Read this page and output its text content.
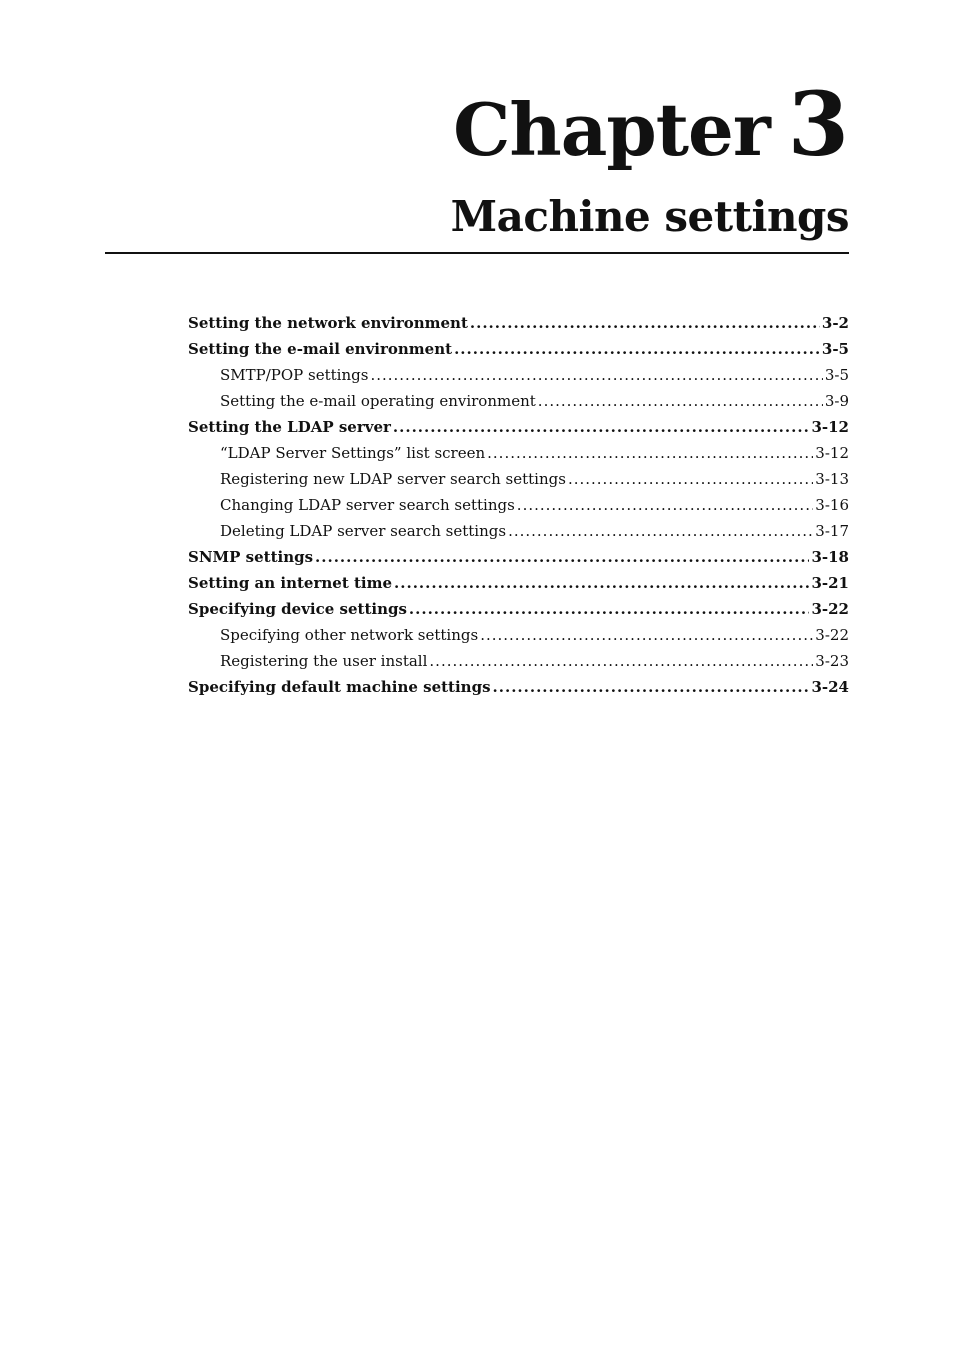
Chapter 3
Machine settings
Setting the network environment .....	3-2
Setting the e-mail environment .....	3-5
SMTP/POP settings .....	3-5
Setting the e-mail operating environment .....	3-9
Setting the LDAP server .....	3-12
“LDAP Server Settings” list screen .....	3-12
Registering new LDAP server search settings .....	3-13
Changing LDAP server search settings .....	3-16
Deleting LDAP server search settings .....	3-17
SNMP settings .....	3-18
Setting an internet time .....	3-21
Specifying device settings .....	3-22
Specifying other network settings .....	3-22
Registering the user install .....	3-23
Specifying default machine settings .....	3-24
